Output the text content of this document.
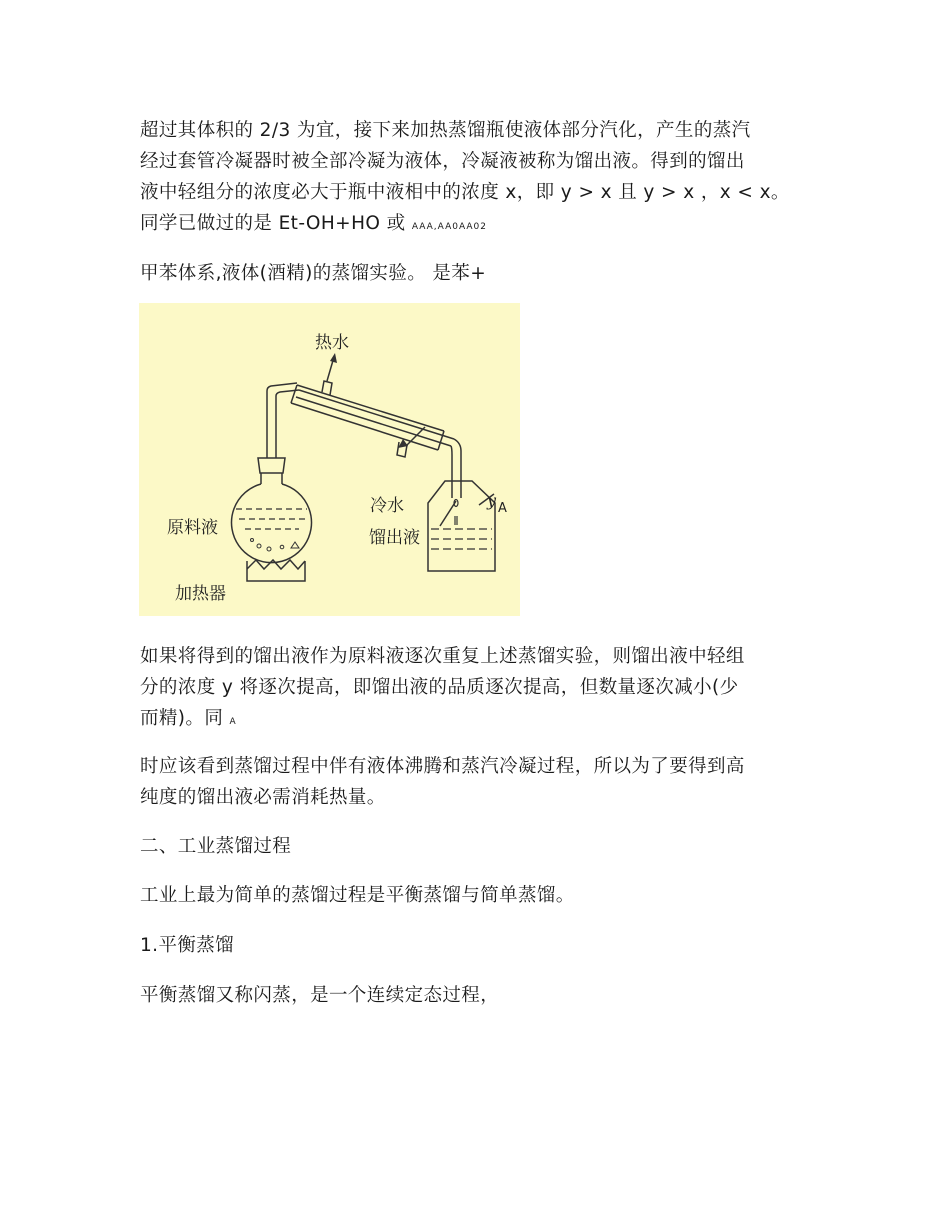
超过其体积的 2/3 为宜，接下来加热蒸馏瓶使液体部分汽化，产生的蒸汽
经过套管冷凝器时被全部冷凝为液体，冷凝液被称为馏出液。得到的馏出
液中轻组分的浓度必大于瓶中液相中的浓度 x，即 y > x 且 y > x ，x < x。
同学已做过的是 Et-OH+HO 或 AAA,AA0AA02

甲苯体系,液体(酒精)的蒸馏实验。 是苯+

热水
冷水
原料液	馏出液
加热器
y A
如果将得到的馏出液作为原料液逐次重复上述蒸馏实验，则馏出液中轻组
分的浓度 y 将逐次提高，即馏出液的品质逐次提高，但数量逐次减小(少
而精)。同 A
时应该看到蒸馏过程中伴有液体沸腾和蒸汽冷凝过程，所以为了要得到高
纯度的馏出液必需消耗热量。

二、工业蒸馏过程

工业上最为简单的蒸馏过程是平衡蒸馏与简单蒸馏。

1.平衡蒸馏

平衡蒸馏又称闪蒸，是一个连续定态过程，
